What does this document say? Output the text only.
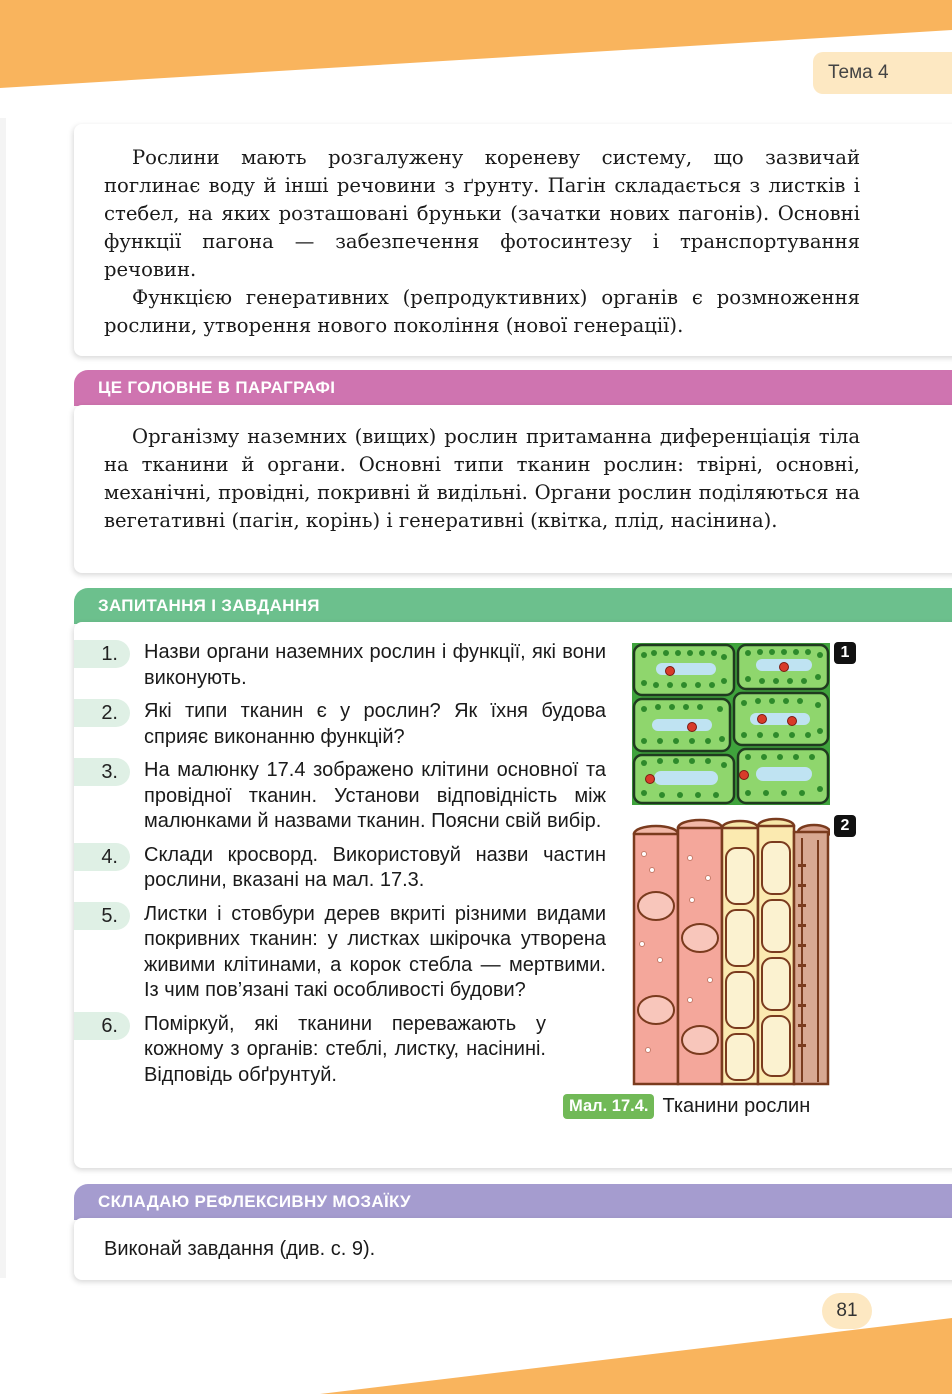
Тема 4

Рослини мають розгалужену кореневу систему, що зазвичай поглинає воду й інші речовини з ґрунту. Пагін складається з листків і стебел, на яких розташовані бруньки (зачатки нових пагонів). Основні функції пагона — забезпечення фотосинтезу і транспортування речовин.

Функцією генеративних (репродуктивних) органів є розмноження рослини, утворення нового покоління (нової генерації).

ЦЕ ГОЛОВНЕ В ПАРАГРАФІ

Організму наземних (вищих) рослин притаманна диференціація тіла на тканини й органи. Основні типи тканин рослин: твірні, основні, механічні, провідні, покривні й видільні. Органи рослин поділяються на вегетативні (пагін, корінь) і генеративні (квітка, плід, насінина).

ЗАПИТАННЯ І ЗАВДАННЯ
1.	Назви органи наземних рослин і функції, які вони виконують.
2.	Які типи тканин є у рослин? Як їхня будова сприяє виконанню функцій?
3.	На малюнку 17.4 зображено клітини основної та провідної тканин. Установи відповідність між малюнками й назвами тканин. Поясни свій вибір.
4.	Склади кросворд. Використовуй назви частин рослини, вказані на мал. 17.3.
5.	Листки і стовбури дерев вкриті різними видами покривних тканин: у листках шкірочка утворена живими клітинами, а корок стебла — мертвими. Із чим пов’язані такі особливості будови?
6.	Поміркуй, які тканини переважають у кожному з органів: стеблі, листку, насінині. Відповідь обґрунтуй.
1
2
Мал. 17.4. Тканини рослин
СКЛАДАЮ РЕФЛЕКСИВНУ МОЗАЇКУ
Виконай завдання (див. с. 9).
81
